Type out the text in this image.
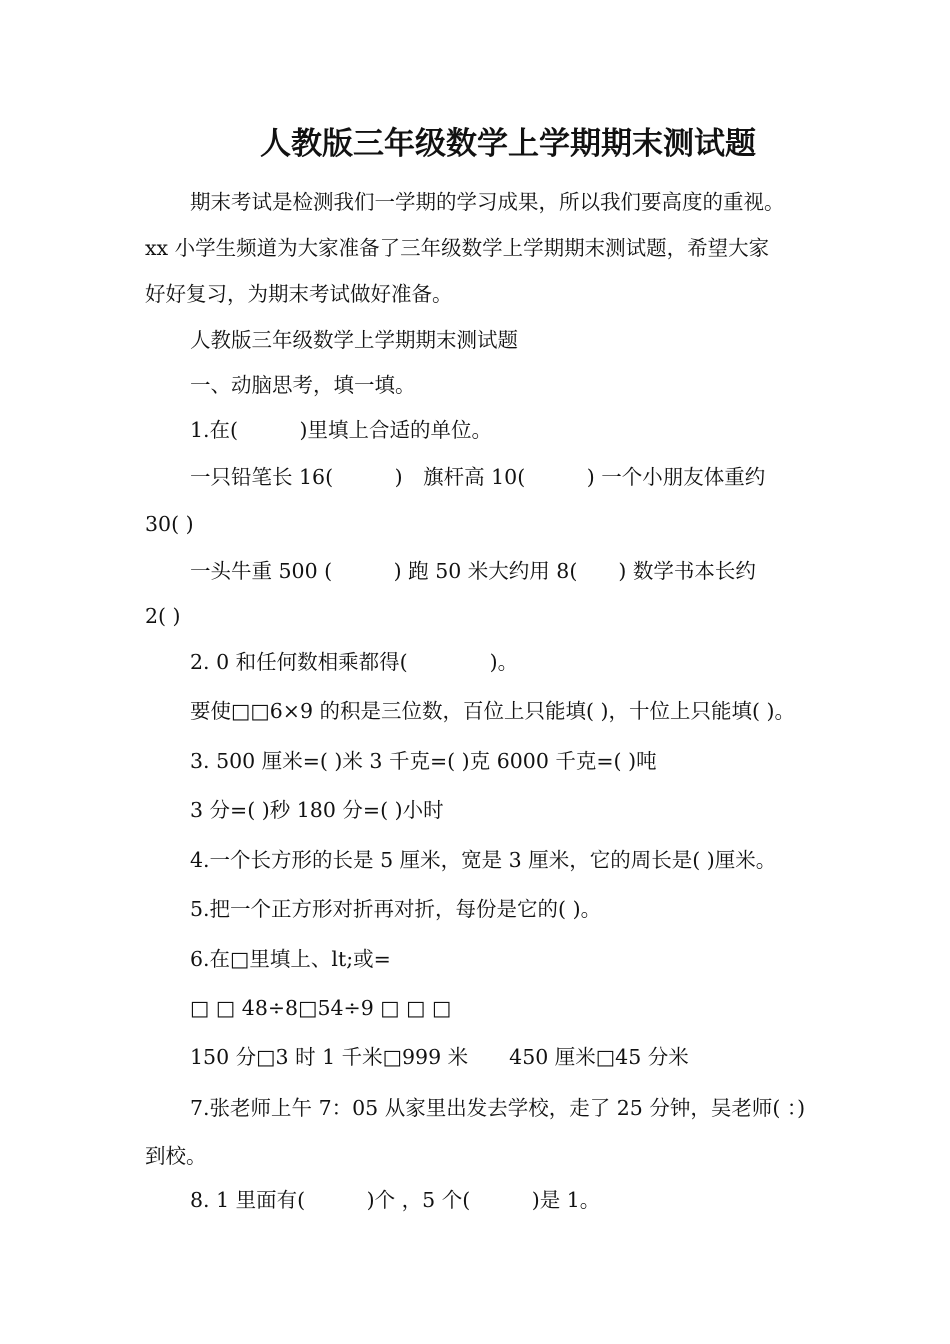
人教版三年级数学上学期期末测试题
期末考试是检测我们一学期的学习成果，所以我们要高度的重视。
xx 小学生频道为大家准备了三年级数学上学期期末测试题，希望大家
好好复习，为期末考试做好准备。
人教版三年级数学上学期期末测试题
一、动脑思考，填一填。
1.在(　　　)里填上合适的单位。
一只铅笔长 16(　　　)　旗杆高 10(　　　) 一个小朋友体重约
30( )
一头牛重 500 (　　　) 跑 50 米大约用 8(　　) 数学书本长约
2( )
2. 0 和任何数相乘都得(　　　　)。
要使□□6×9 的积是三位数，百位上只能填( )，十位上只能填( )。
3. 500 厘米=( )米 3 千克=( )克 6000 千克=( )吨
3 分=( )秒 180 分=( )小时
4.一个长方形的长是 5 厘米，宽是 3 厘米，它的周长是( )厘米。
5.把一个正方形对折再对折，每份是它的( )。
6.在□里填上、lt;或=
□ □ 48÷8□54÷9 □ □ □
150 分□3 时 1 千米□999 米　　450 厘米□45 分米
7.张老师上午 7：05 从家里出发去学校，走了 25 分钟，吴老师( ：)
到校。
8. 1 里面有(　　　)个 ，5 个(　　　)是 1。
